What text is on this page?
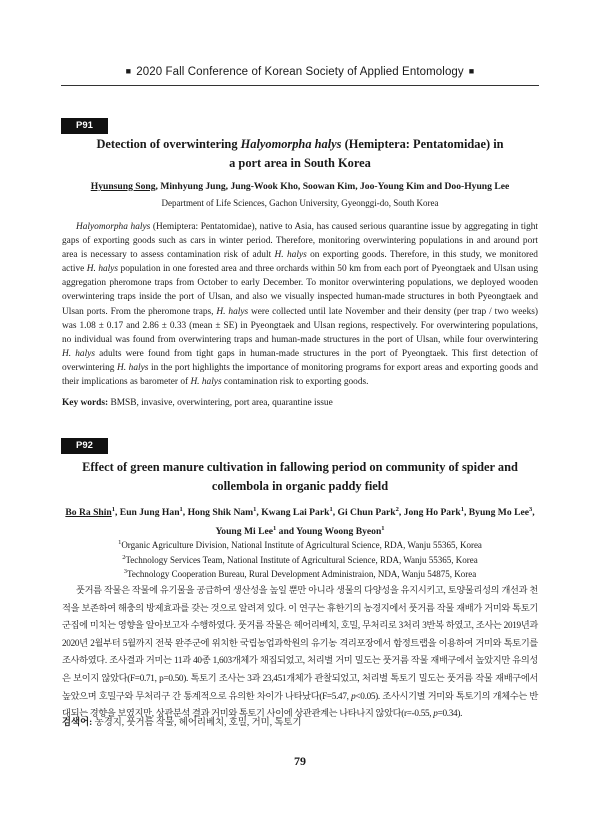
■ 2020 Fall Conference of Korean Society of Applied Entomology ■
P91
Detection of overwintering Halyomorpha halys (Hemiptera: Pentatomidae) in
a port area in South Korea
Hyunsung Song, Minhyung Jung, Jung-Wook Kho, Soowan Kim, Joo-Young Kim and Doo-Hyung Lee
Department of Life Sciences, Gachon University, Gyeonggi-do, South Korea

Halyomorpha halys (Hemiptera: Pentatomidae), native to Asia, has caused serious quarantine issue by aggregating in tight gaps of exporting goods such as cars in winter period. Therefore, monitoring overwintering populations in and around port area is necessary to assess contamination risk of adult H. halys on exporting goods. Therefore, in this study, we monitored active H. halys population in one forested area and three orchards within 50 km from each port of Pyeongtaek and Ulsan using aggregation pheromone traps from October to early December. To monitor overwintering populations, we deployed wooden overwintering traps inside the port of Ulsan, and also we visually inspected human-made structures in both Pyeongtaek and Ulsan ports. From the pheromone traps, H. halys were collected until late November and their density (per trap / two weeks) was 1.08 ± 0.17 and 2.86 ± 0.33 (mean ± SE) in Pyeongtaek and Ulsan regions, respectively. For overwintering populations, no individual was found from overwintering traps and human-made structures in the port of Ulsan, while four overwintering H. halys adults were found from tight gaps in human-made structures in the port of Pyeongtaek. This first detection of overwintering H. halys in the port highlights the importance of monitoring programs for export areas and exporting goods and their implications as barometer of H. halys contamination risk to exporting goods.

Key words: BMSB, invasive, overwintering, port area, quarantine issue
P92
Effect of green manure cultivation in fallowing period on community of spider and
collembola in organic paddy field
Bo Ra Shin$^1$, Eun Jung Han$^1$, Hong Shik Nam$^1$, Kwang Lai Park$^1$, Gi Chun Park$^2$, Jong Ho Park$^1$, Byung Mo Lee$^3$,
Young Mi Lee$^1$ and Young Woong Byeon$^1$
$^1$Organic Agriculture Division, National Institute of Agricultural Science, RDA, Wanju 55365, Korea
$^2$Technology Services Team, National Institute of Agricultural Science, RDA, Wanju 55365, Korea
$^3$Technology Cooperation Bureau, Rural Development Administraion, NDA, Wanju 54875, Korea

풋거름 작물은 작물에 유기물을 공급하여 생산성을 높일 뿐만 아니라 생물의 다양성을 유지시키고, 토양물리성의 개선과 천적을 보존하여 해충의 방제효과를 갖는 것으로 알려져 있다. 이 연구는 휴한기의 농경지에서 풋거름 작물 재배가 거미와 톡토기 군집에 미치는 영향을 알아보고자 수행하였다. 풋거름 작물은 헤어리베치, 호밀, 무처리로 3처리 3반복 하였고, 조사는 2019년과 2020년 2월부터 5월까지 전북 완주군에 위치한 국립농업과학원의 유기농 격리포장에서 함정트랩을 이용하여 거미와 톡토기를 조사하였다. 조사결과 거미는 11과 40종 1,603개체가 채집되었고, 처리별 거미 밀도는 풋거름 작물 재배구에서 높았지만 유의성은 보이지 않았다(F=0.71, p=0.50). 톡토기 조사는 3과 23,451개체가 관찰되었고, 처리별 톡토기 밀도는 풋거름 작물 재배구에서 높았으며 호밀구와 무처리구 간 통계적으로 유의한 차이가 나타났다(F=5.47, p<0.05). 조사시기별 거미와 톡토기의 개체수는 반대되는 경향을 보였지만, 상관분석 결과 거미와 톡토기 사이에 상관관계는 나타나지 않았다(r=-0.55, p=0.34).

검색어: 농경지, 풋거름 작물, 헤어리베치, 호밀, 거미, 톡토기
79
